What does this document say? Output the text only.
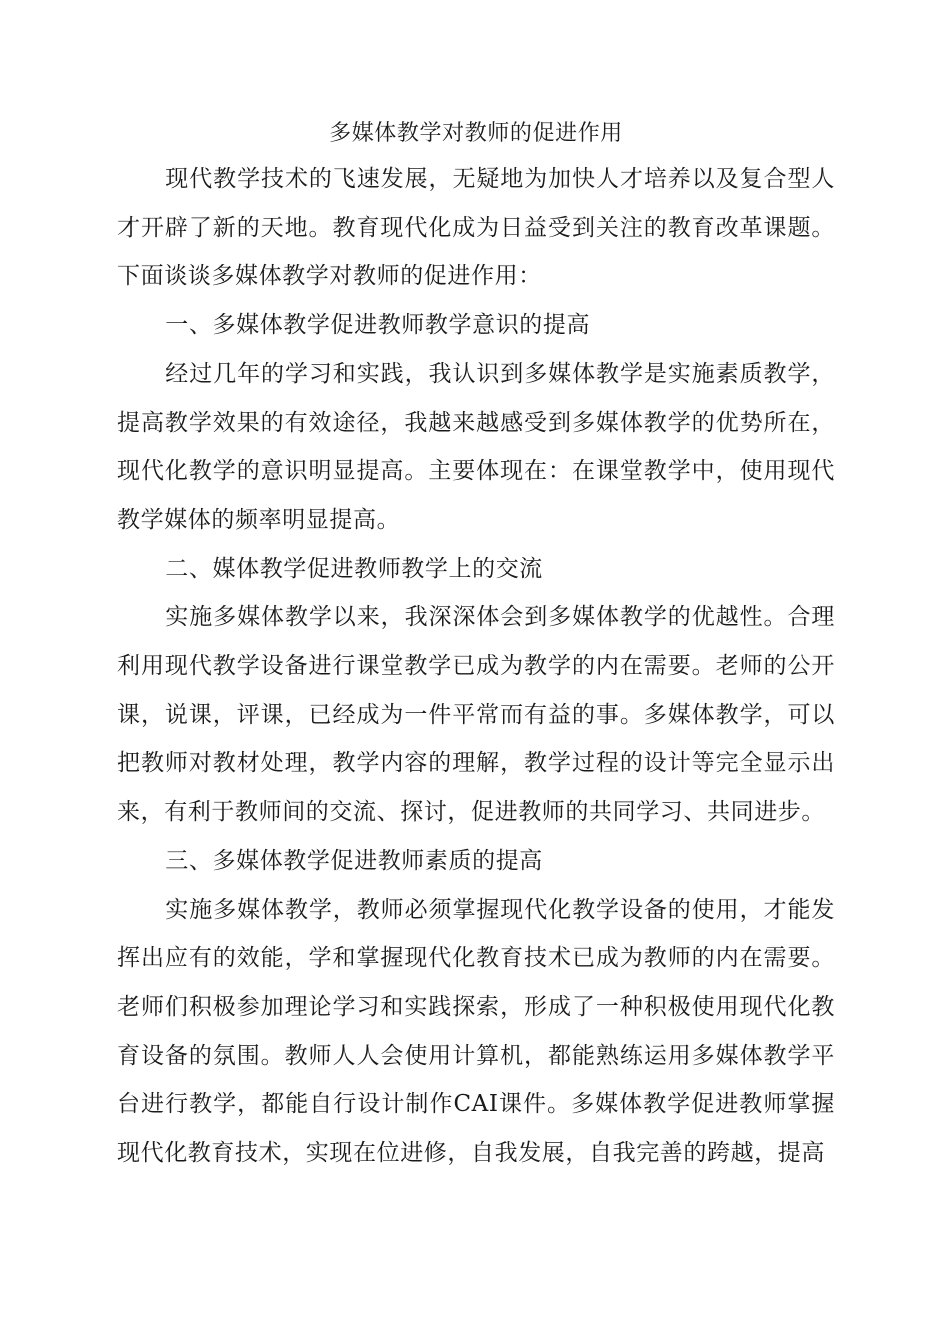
多媒体教学对教师的促进作用

现代教学技术的飞速发展，无疑地为加快人才培养以及复合型人才开辟了新的天地。教育现代化成为日益受到关注的教育改革课题。下面谈谈多媒体教学对教师的促进作用：

一、多媒体教学促进教师教学意识的提高

经过几年的学习和实践，我认识到多媒体教学是实施素质教学，提高教学效果的有效途径，我越来越感受到多媒体教学的优势所在，现代化教学的意识明显提高。主要体现在：在课堂教学中，使用现代教学媒体的频率明显提高。

二、媒体教学促进教师教学上的交流

实施多媒体教学以来，我深深体会到多媒体教学的优越性。合理利用现代教学设备进行课堂教学已成为教学的内在需要。老师的公开课，说课，评课，已经成为一件平常而有益的事。多媒体教学，可以把教师对教材处理，教学内容的理解，教学过程的设计等完全显示出来，有利于教师间的交流、探讨，促进教师的共同学习、共同进步。

三、多媒体教学促进教师素质的提高

实施多媒体教学，教师必须掌握现代化教学设备的使用，才能发挥出应有的效能，学和掌握现代化教育技术已成为教师的内在需要。老师们积极参加理论学习和实践探索，形成了一种积极使用现代化教育设备的氛围。教师人人会使用计算机，都能熟练运用多媒体教学平台进行教学，都能自行设计制作CAI课件。多媒体教学促进教师掌握现代化教育技术，实现在位进修，自我发展，自我完善的跨越，提高
